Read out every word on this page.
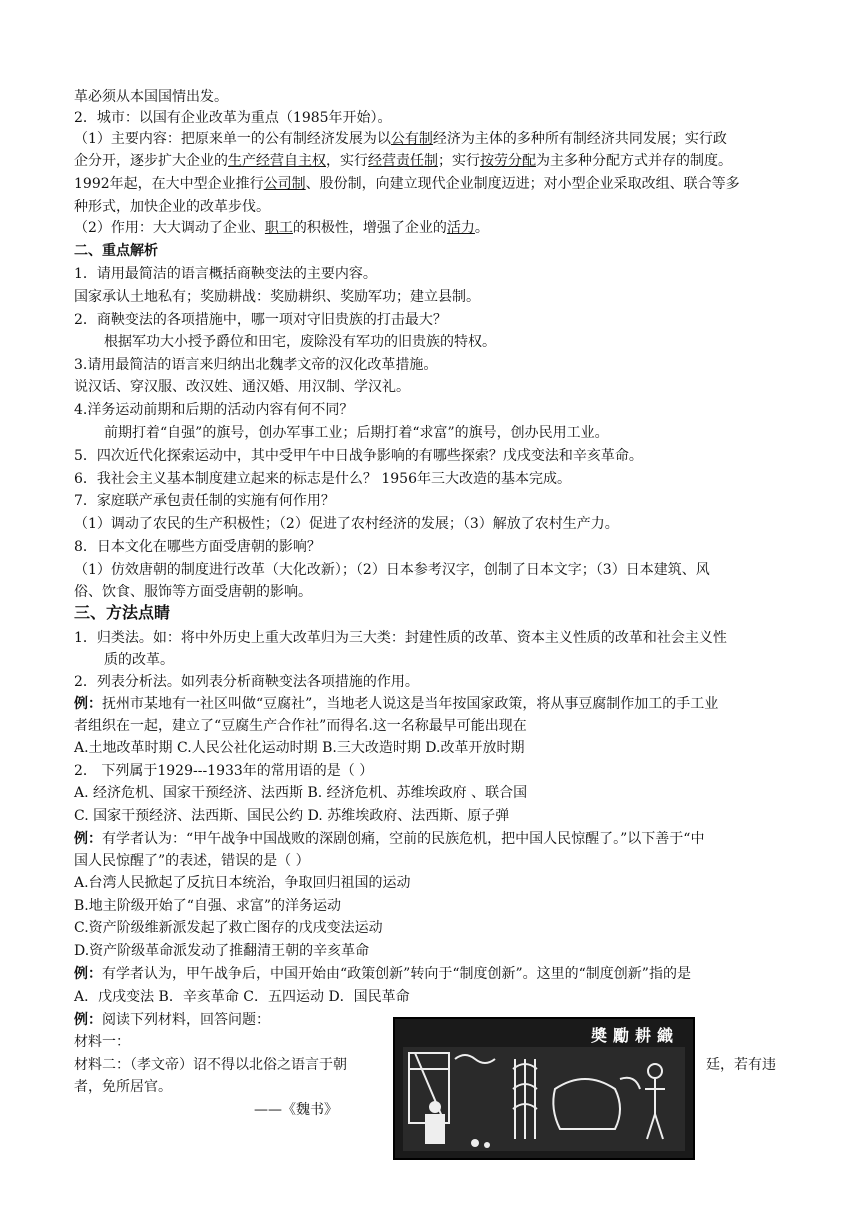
革必须从本国国情出发。
2．城市：以国有企业改革为重点（1985年开始）。
（1）主要内容：把原来单一的公有制经济发展为以公有制经济为主体的多种所有制经济共同发展；实行政
企分开，逐步扩大企业的生产经营自主权，实行经营责任制；实行按劳分配为主多种分配方式并存的制度。
1992年起，在大中型企业推行公司制、股份制，向建立现代企业制度迈进；对小型企业采取改组、联合等多
种形式，加快企业的改革步伐。
（2）作用：大大调动了企业、职工的积极性，增强了企业的活力。
二、重点解析
1．请用最简洁的语言概括商鞅变法的主要内容。
国家承认土地私有；奖励耕战：奖励耕织、奖励军功；建立县制。
2．商鞅变法的各项措施中，哪一项对守旧贵族的打击最大？
根据军功大小授予爵位和田宅，废除没有军功的旧贵族的特权。
3.请用最简洁的语言来归纳出北魏孝文帝的汉化改革措施。
说汉话、穿汉服、改汉姓、通汉婚、用汉制、学汉礼。
4.洋务运动前期和后期的活动内容有何不同？
前期打着“自强”的旗号，创办军事工业；后期打着“求富”的旗号，创办民用工业。
5．四次近代化探索运动中，其中受甲午中日战争影响的有哪些探索？戊戌变法和辛亥革命。
6．我社会主义基本制度建立起来的标志是什么？ 1956年三大改造的基本完成。
7．家庭联产承包责任制的实施有何作用？
（1）调动了农民的生产积极性；（2）促进了农村经济的发展；（3）解放了农村生产力。
8．日本文化在哪些方面受唐朝的影响？
（1）仿效唐朝的制度进行改革（大化改新）；（2）日本参考汉字，创制了日本文字；（3）日本建筑、风
俗、饮食、服饰等方面受唐朝的影响。
三、方法点睛
1．归类法。如：将中外历史上重大改革归为三大类：封建性质的改革、资本主义性质的改革和社会主义性
质的改革。
2．列表分析法。如列表分析商鞅变法各项措施的作用。
例：抚州市某地有一社区叫做“豆腐社”，当地老人说这是当年按国家政策，将从事豆腐制作加工的手工业
者组织在一起，建立了“豆腐生产合作社”而得名.这一名称最早可能出现在
A.土地改革时期 C.人民公社化运动时期 B.三大改造时期 D.改革开放时期
2． 下列属于1929---1933年的常用语的是（ ）
A. 经济危机、国家干预经济、法西斯 B. 经济危机、苏维埃政府 、联合国
C. 国家干预经济、法西斯、国民公约 D. 苏维埃政府、法西斯、原子弹
例：有学者认为：“甲午战争中国战败的深剧创痛，空前的民族危机，把中国人民惊醒了。”以下善于“中
国人民惊醒了”的表述，错误的是（ ）
A.台湾人民掀起了反抗日本统治，争取回归祖国的运动
B.地主阶级开始了“自强、求富”的洋务运动
C.资产阶级维新派发起了救亡图存的戊戌变法运动
D.资产阶级革命派发动了推翻清王朝的辛亥革命
例：有学者认为，甲午战争后，中国开始由“政策创新”转向于“制度创新”。这里的“制度创新”指的是
A．戊戌变法 B．辛亥革命 C．五四运动 D．国民革命
例：阅读下列材料，回答问题：
材料一：
材料二：（孝文帝）诏不得以北俗之语言于朝	廷，若有违
者，免所居官。
——《魏书》
奬勵耕織
